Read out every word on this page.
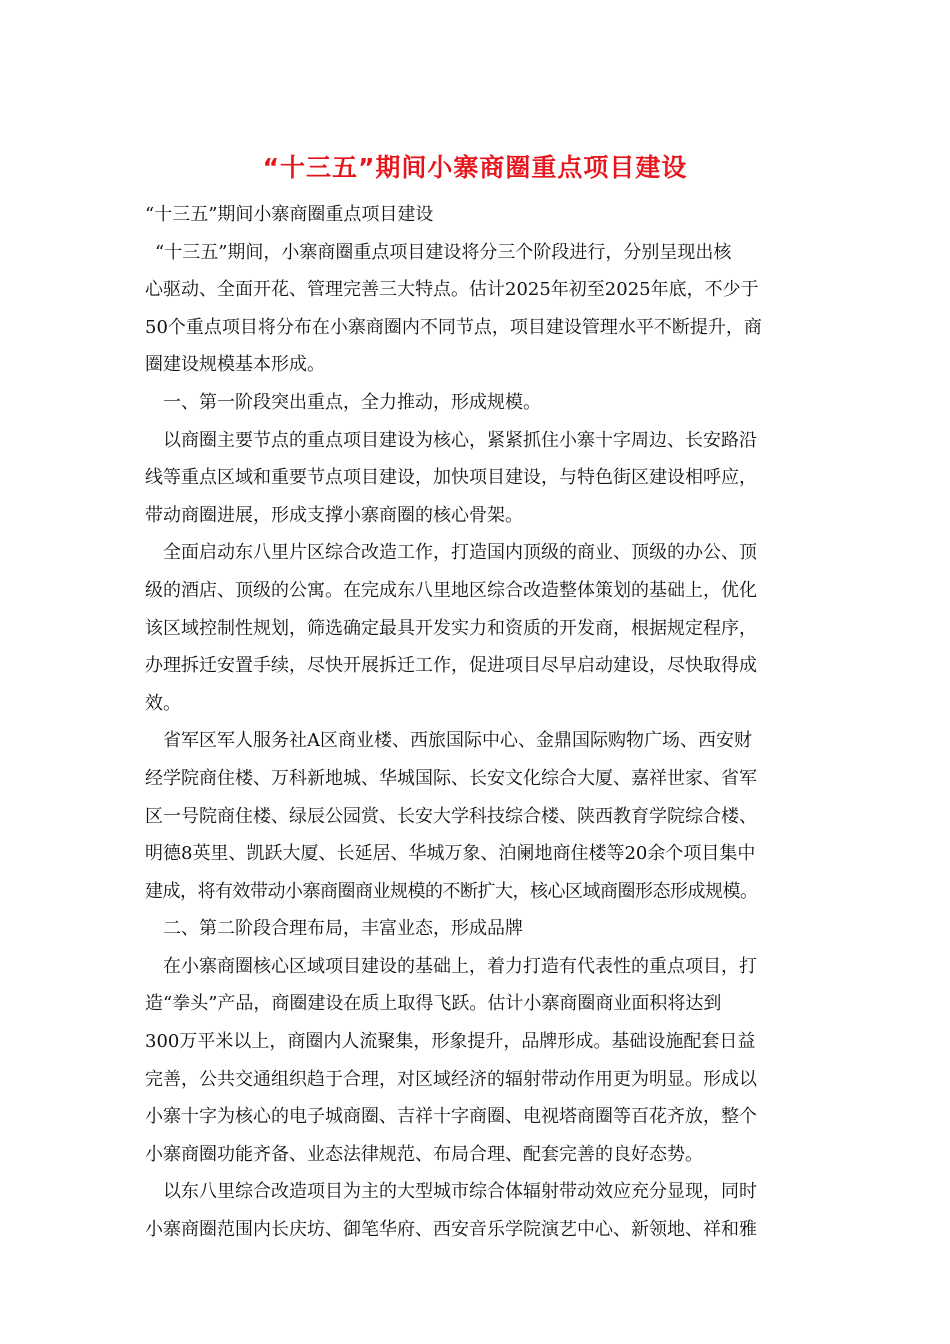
“十三五”期间小寨商圈重点项目建设
“十三五”期间小寨商圈重点项目建设
“十三五”期间，小寨商圈重点项目建设将分三个阶段进行，分别呈现出核
心驱动、全面开花、管理完善三大特点。估计2025年初至2025年底，不少于
50个重点项目将分布在小寨商圈内不同节点，项目建设管理水平不断提升，商
圈建设规模基本形成。
一、第一阶段突出重点，全力推动，形成规模。
以商圈主要节点的重点项目建设为核心，紧紧抓住小寨十字周边、长安路沿
线等重点区域和重要节点项目建设，加快项目建设，与特色街区建设相呼应，
带动商圈进展，形成支撑小寨商圈的核心骨架。
全面启动东八里片区综合改造工作，打造国内顶级的商业、顶级的办公、顶
级的酒店、顶级的公寓。在完成东八里地区综合改造整体策划的基础上，优化
该区域控制性规划，筛选确定最具开发实力和资质的开发商，根据规定程序，
办理拆迁安置手续，尽快开展拆迁工作，促进项目尽早启动建设，尽快取得成
效。
省军区军人服务社A区商业楼、西旅国际中心、金鼎国际购物广场、西安财
经学院商住楼、万科新地城、华城国际、长安文化综合大厦、嘉祥世家、省军
区一号院商住楼、绿辰公园赏、长安大学科技综合楼、陕西教育学院综合楼、
明德8英里、凯跃大厦、长延居、华城万象、泊阑地商住楼等20余个项目集中
建成，将有效带动小寨商圈商业规模的不断扩大，核心区域商圈形态形成规模。
二、第二阶段合理布局，丰富业态，形成品牌
在小寨商圈核心区域项目建设的基础上，着力打造有代表性的重点项目，打
造“拳头”产品，商圈建设在质上取得飞跃。估计小寨商圈商业面积将达到
300万平米以上，商圈内人流聚集，形象提升，品牌形成。基础设施配套日益
完善，公共交通组织趋于合理，对区域经济的辐射带动作用更为明显。形成以
小寨十字为核心的电子城商圈、吉祥十字商圈、电视塔商圈等百花齐放，整个
小寨商圈功能齐备、业态法律规范、布局合理、配套完善的良好态势。
以东八里综合改造项目为主的大型城市综合体辐射带动效应充分显现，同时
小寨商圈范围内长庆坊、御笔华府、西安音乐学院演艺中心、新领地、祥和雅
